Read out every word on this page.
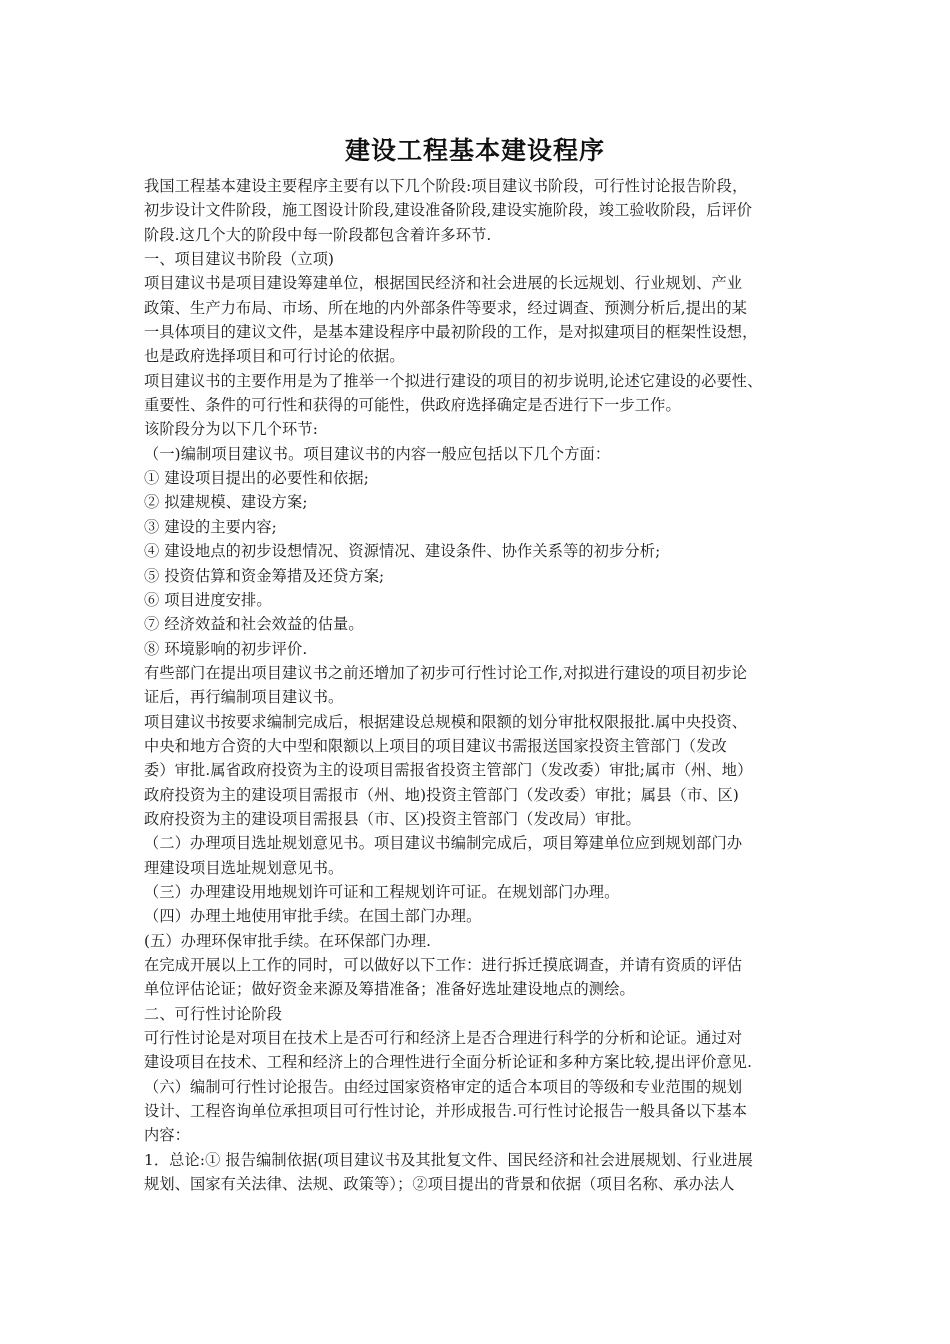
建设工程基本建设程序
我国工程基本建设主要程序主要有以下几个阶段:项目建议书阶段，可行性讨论报告阶段，
初步设计文件阶段，施工图设计阶段,建设准备阶段,建设实施阶段，竣工验收阶段，后评价
阶段.这几个大的阶段中每一阶段都包含着许多环节.
一、项目建议书阶段（立项)
项目建议书是项目建设筹建单位，根据国民经济和社会进展的长远规划、行业规划、产业
政策、生产力布局、市场、所在地的内外部条件等要求，经过调查、预测分析后,提出的某
一具体项目的建议文件，是基本建设程序中最初阶段的工作，是对拟建项目的框架性设想，
也是政府选择项目和可行讨论的依据。
项目建议书的主要作用是为了推举一个拟进行建设的项目的初步说明,论述它建设的必要性、
重要性、条件的可行性和获得的可能性，供政府选择确定是否进行下一步工作。
该阶段分为以下几个环节:
（一)编制项目建议书。项目建议书的内容一般应包括以下几个方面：
① 建设项目提出的必要性和依据;
② 拟建规模、建设方案;
③ 建设的主要内容;
④ 建设地点的初步设想情况、资源情况、建设条件、协作关系等的初步分析;
⑤ 投资估算和资金筹措及还贷方案;
⑥ 项目进度安排。
⑦ 经济效益和社会效益的估量。
⑧ 环境影响的初步评价.
有些部门在提出项目建议书之前还增加了初步可行性讨论工作,对拟进行建设的项目初步论
证后，再行编制项目建议书。
项目建议书按要求编制完成后，根据建设总规模和限额的划分审批权限报批.属中央投资、
中央和地方合资的大中型和限额以上项目的项目建议书需报送国家投资主管部门（发改
委）审批.属省政府投资为主的设项目需报省投资主管部门（发改委）审批;属市（州、地）
政府投资为主的建设项目需报市（州、地)投资主管部门（发改委）审批；属县（市、区)
政府投资为主的建设项目需报县（市、区)投资主管部门（发改局）审批。
（二）办理项目选址规划意见书。项目建议书编制完成后，项目筹建单位应到规划部门办
理建设项目选址规划意见书。
（三）办理建设用地规划许可证和工程规划许可证。在规划部门办理。
（四）办理土地使用审批手续。在国土部门办理。
(五）办理环保审批手续。在环保部门办理.
在完成开展以上工作的同时，可以做好以下工作：进行拆迁摸底调查，并请有资质的评估
单位评估论证；做好资金来源及筹措准备；准备好选址建设地点的测绘。
二、可行性讨论阶段
可行性讨论是对项目在技术上是否可行和经济上是否合理进行科学的分析和论证。通过对
建设项目在技术、工程和经济上的合理性进行全面分析论证和多种方案比较,提出评价意见.
（六）编制可行性讨论报告。由经过国家资格审定的适合本项目的等级和专业范围的规划
设计、工程咨询单位承担项目可行性讨论，并形成报告.可行性讨论报告一般具备以下基本
内容：
1．总论:① 报告编制依据(项目建议书及其批复文件、国民经济和社会进展规划、行业进展
规划、国家有关法律、法规、政策等）；②项目提出的背景和依据（项目名称、承办法人
